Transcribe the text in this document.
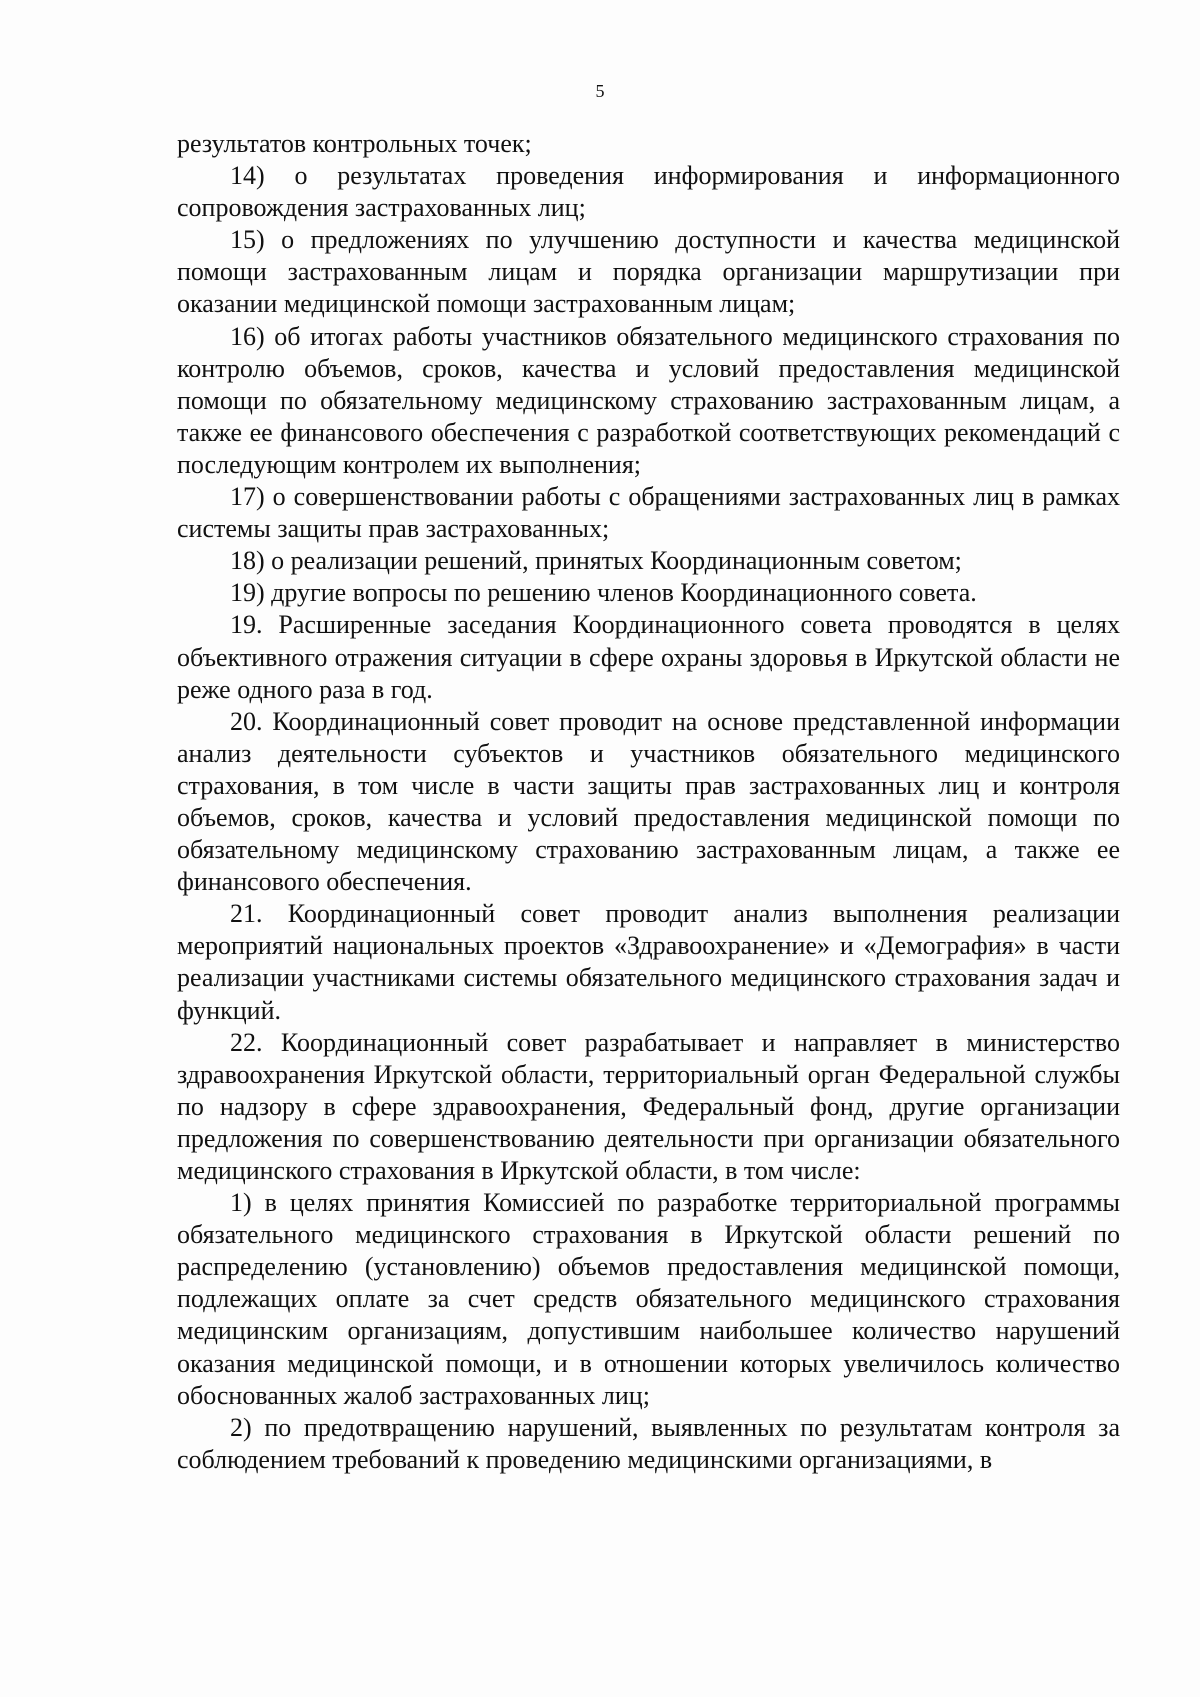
5

результатов контрольных точек;

14) о результатах проведения информирования и информационного сопровождения застрахованных лиц;

15) о предложениях по улучшению доступности и качества медицинской помощи застрахованным лицам и порядка организации маршрутизации при оказании медицинской помощи застрахованным лицам;

16) об итогах работы участников обязательного медицинского страхования по контролю объемов, сроков, качества и условий предоставления медицинской помощи по обязательному медицинскому страхованию застрахованным лицам, а также ее финансового обеспечения с разработкой соответствующих рекомендаций с последующим контролем их выполнения;

17) о совершенствовании работы с обращениями застрахованных лиц в рамках системы защиты прав застрахованных;

18) о реализации решений, принятых Координационным советом;

19) другие вопросы по решению членов Координационного совета.

19. Расширенные заседания Координационного совета проводятся в целях объективного отражения ситуации в сфере охраны здоровья в Иркутской области не реже одного раза в год.

20. Координационный совет проводит на основе представленной информации анализ деятельности субъектов и участников обязательного медицинского страхования, в том числе в части защиты прав застрахованных лиц и контроля объемов, сроков, качества и условий предоставления медицинской помощи по обязательному медицинскому страхованию застрахованным лицам, а также ее финансового обеспечения.

21. Координационный совет проводит анализ выполнения реализации мероприятий национальных проектов «Здравоохранение» и «Демография» в части реализации участниками системы обязательного медицинского страхования задач и функций.

22. Координационный совет разрабатывает и направляет в министерство здравоохранения Иркутской области, территориальный орган Федеральной службы по надзору в сфере здравоохранения, Федеральный фонд, другие организации предложения по совершенствованию деятельности при организации обязательного медицинского страхования в Иркутской области, в том числе:

1) в целях принятия Комиссией по разработке территориальной программы обязательного медицинского страхования в Иркутской области решений по распределению (установлению) объемов предоставления медицинской помощи, подлежащих оплате за счет средств обязательного медицинского страхования медицинским организациям, допустившим наибольшее количество нарушений оказания медицинской помощи, и в отношении которых увеличилось количество обоснованных жалоб застрахованных лиц;

2) по предотвращению нарушений, выявленных по результатам контроля за соблюдением требований к проведению медицинскими организациями, в
